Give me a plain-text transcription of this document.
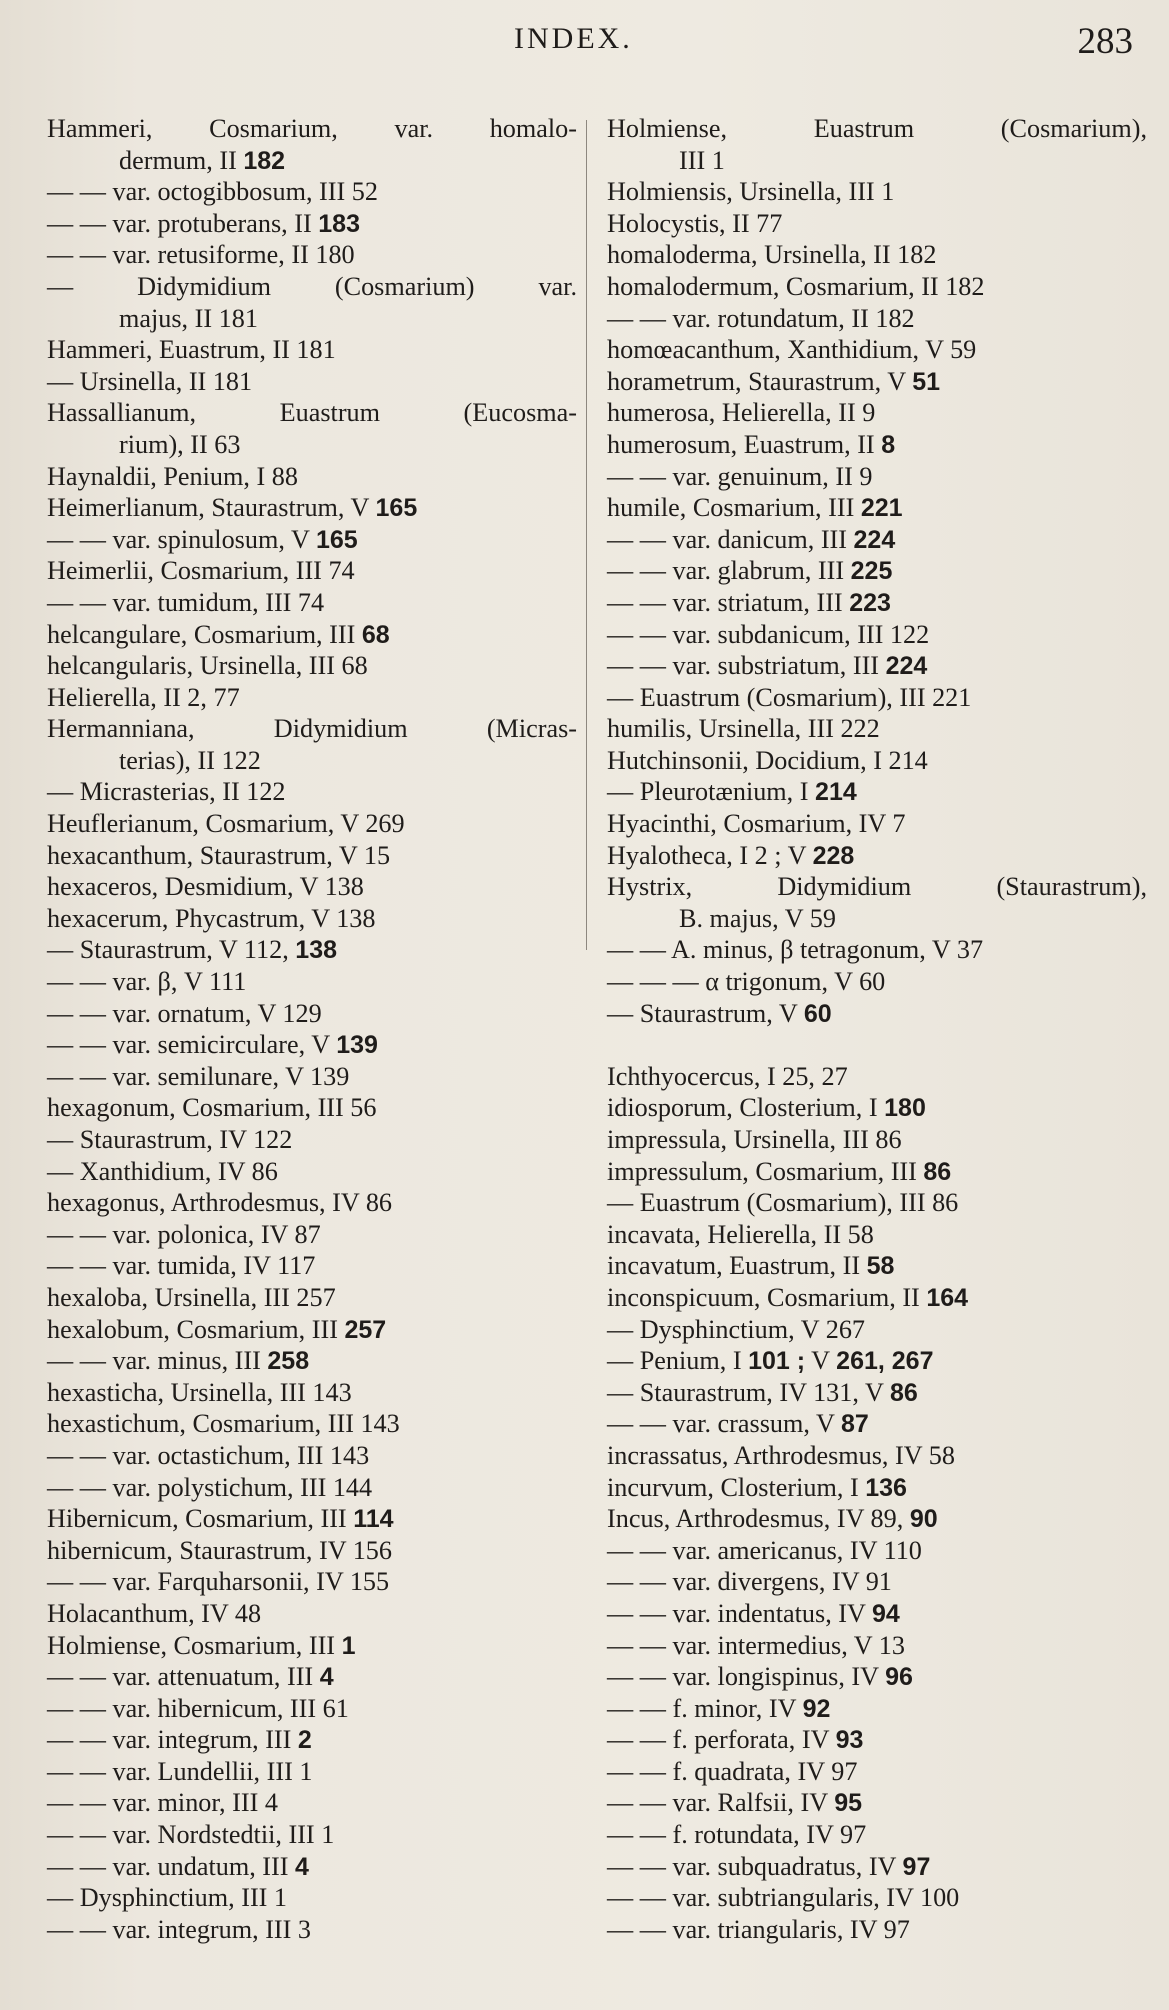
INDEX.	283
Hammeri, Cosmarium, var. homalo-
dermum, II 182
— — var. octogibbosum, III 52
— — var. protuberans, II 183
— — var. retusiforme, II 180
— Didymidium (Cosmarium) var.
majus, II 181
Hammeri, Euastrum, II 181
— Ursinella, II 181
Hassallianum, Euastrum (Eucosma-
rium), II 63
Haynaldii, Penium, I 88
Heimerlianum, Staurastrum, V 165
— — var. spinulosum, V 165
Heimerlii, Cosmarium, III 74
— — var. tumidum, III 74
helcangulare, Cosmarium, III 68
helcangularis, Ursinella, III 68
Helierella, II 2, 77
Hermanniana, Didymidium (Micras-
terias), II 122
— Micrasterias, II 122
Heuflerianum, Cosmarium, V 269
hexacanthum, Staurastrum, V 15
hexaceros, Desmidium, V 138
hexacerum, Phycastrum, V 138
— Staurastrum, V 112, 138
— — var. β, V 111
— — var. ornatum, V 129
— — var. semicirculare, V 139
— — var. semilunare, V 139
hexagonum, Cosmarium, III 56
— Staurastrum, IV 122
— Xanthidium, IV 86
hexagonus, Arthrodesmus, IV 86
— — var. polonica, IV 87
— — var. tumida, IV 117
hexaloba, Ursinella, III 257
hexalobum, Cosmarium, III 257
— — var. minus, III 258
hexasticha, Ursinella, III 143
hexastichum, Cosmarium, III 143
— — var. octastichum, III 143
— — var. polystichum, III 144
Hibernicum, Cosmarium, III 114
hibernicum, Staurastrum, IV 156
— — var. Farquharsonii, IV 155
Holacanthum, IV 48
Holmiense, Cosmarium, III 1
— — var. attenuatum, III 4
— — var. hibernicum, III 61
— — var. integrum, III 2
— — var. Lundellii, III 1
— — var. minor, III 4
— — var. Nordstedtii, III 1
— — var. undatum, III 4
— Dysphinctium, III 1
— — var. integrum, III 3
Holmiense, Euastrum (Cosmarium),
III 1
Holmiensis, Ursinella, III 1
Holocystis, II 77
homaloderma, Ursinella, II 182
homalodermum, Cosmarium, II 182
— — var. rotundatum, II 182
homœacanthum, Xanthidium, V 59
horametrum, Staurastrum, V 51
humerosa, Helierella, II 9
humerosum, Euastrum, II 8
— — var. genuinum, II 9
humile, Cosmarium, III 221
— — var. danicum, III 224
— — var. glabrum, III 225
— — var. striatum, III 223
— — var. subdanicum, III 122
— — var. substriatum, III 224
— Euastrum (Cosmarium), III 221
humilis, Ursinella, III 222
Hutchinsonii, Docidium, I 214
— Pleurotænium, I 214
Hyacinthi, Cosmarium, IV 7
Hyalotheca, I 2 ; V 228
Hystrix, Didymidium (Staurastrum),
B. majus, V 59
— — A. minus, β tetragonum, V 37
— — — α trigonum, V 60
— Staurastrum, V 60
Ichthyocercus, I 25, 27
idiosporum, Closterium, I 180
impressula, Ursinella, III 86
impressulum, Cosmarium, III 86
— Euastrum (Cosmarium), III 86
incavata, Helierella, II 58
incavatum, Euastrum, II 58
inconspicuum, Cosmarium, II 164
— Dysphinctium, V 267
— Penium, I 101 ; V 261, 267
— Staurastrum, IV 131, V 86
— — var. crassum, V 87
incrassatus, Arthrodesmus, IV 58
incurvum, Closterium, I 136
Incus, Arthrodesmus, IV 89, 90
— — var. americanus, IV 110
— — var. divergens, IV 91
— — var. indentatus, IV 94
— — var. intermedius, V 13
— — var. longispinus, IV 96
— — f. minor, IV 92
— — f. perforata, IV 93
— — f. quadrata, IV 97
— — var. Ralfsii, IV 95
— — f. rotundata, IV 97
— — var. subquadratus, IV 97
— — var. subtriangularis, IV 100
— — var. triangularis, IV 97
